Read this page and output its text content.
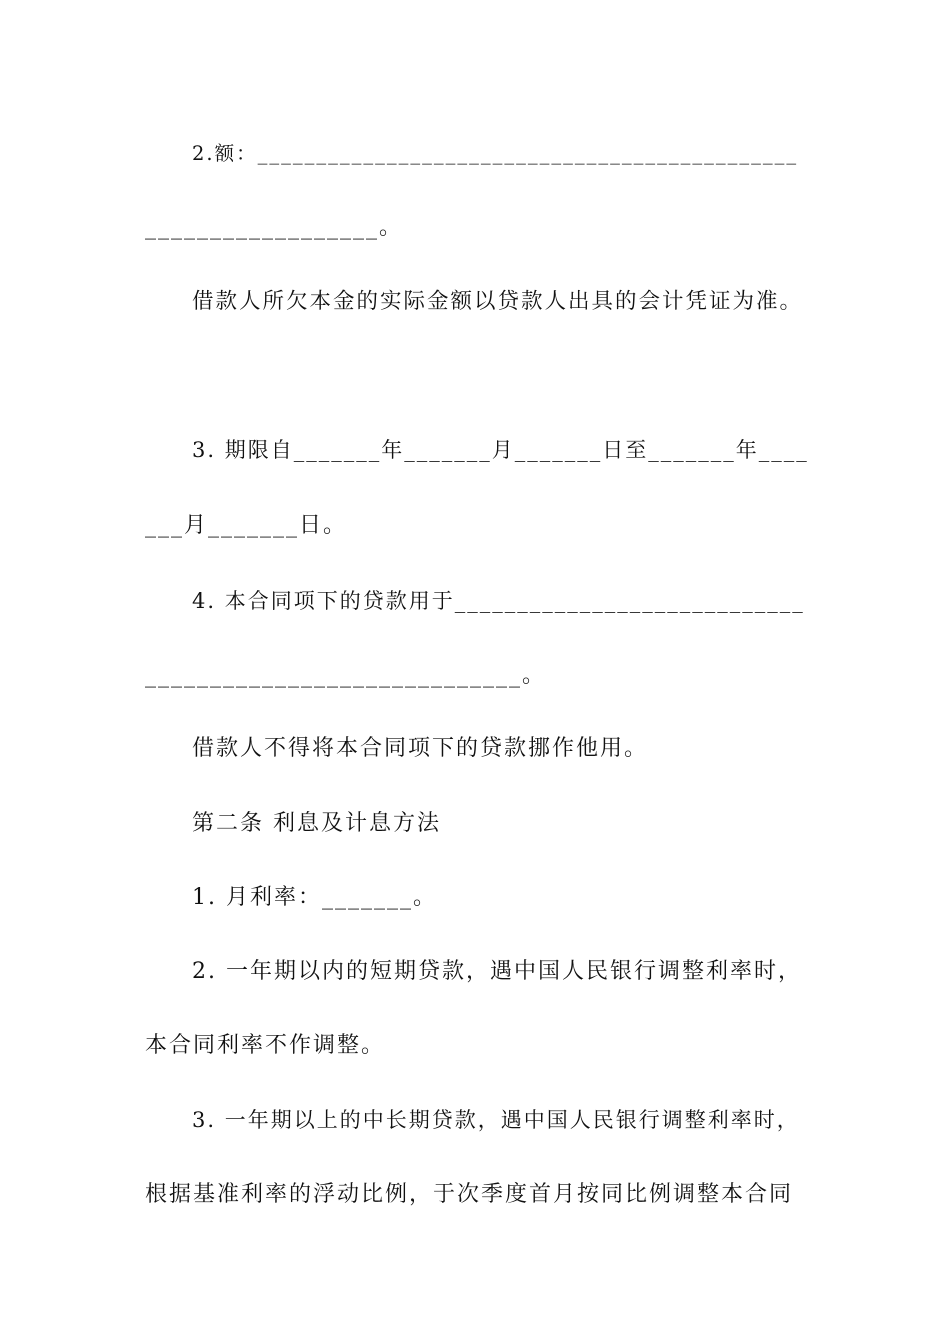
2.额：______________________________________________
__________________。
借款人所欠本金的实际金额以贷款人出具的会计凭证为准。
3. 期限自_______年_______月_______日至_______年____
___月_______日。
4. 本合同项下的贷款用于____________________________
_____________________________。
借款人不得将本合同项下的贷款挪作他用。
第二条 利息及计息方法
1. 月利率：_______。
2. 一年期以内的短期贷款，遇中国人民银行调整利率时，
本合同利率不作调整。
3. 一年期以上的中长期贷款，遇中国人民银行调整利率时，
根据基准利率的浮动比例，于次季度首月按同比例调整本合同
